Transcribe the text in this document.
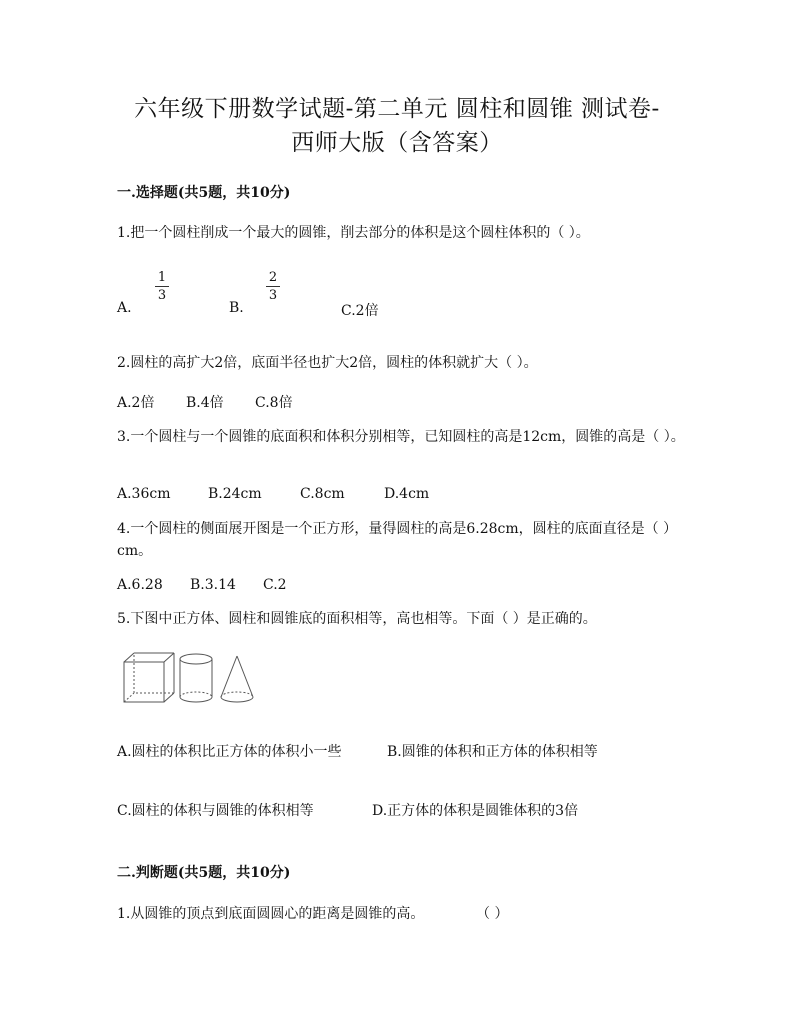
六年级下册数学试题-第二单元 圆柱和圆锥 测试卷-
西师大版（含答案）
一.选择题(共5题，共10分)
1.把一个圆柱削成一个最大的圆锥，削去部分的体积是这个圆柱体积的（ ）。
A.
1
3
B.
2
3
C.2倍
2.圆柱的高扩大2倍，底面半径也扩大2倍，圆柱的体积就扩大（ ）。
A.2倍 B.4倍 C.8倍
3.一个圆柱与一个圆锥的底面积和体积分别相等，已知圆柱的高是12cm，圆锥的高是（ ）。
A.36cm	B.24cm	C.8cm	D.4cm
4.一个圆柱的侧面展开图是一个正方形，量得圆柱的高是6.28cm，圆柱的底面直径是（ ）cm。
A.6.28 B.3.14 C.2
5.下图中正方体、圆柱和圆锥底的面积相等，高也相等。下面（ ）是正确的。
A.圆柱的体积比正方体的体积小一些	B.圆锥的体积和正方体的体积相等
C.圆柱的体积与圆锥的体积相等	D.正方体的体积是圆锥体积的3倍
二.判断题(共5题，共10分)
1.从圆锥的顶点到底面圆圆心的距离是圆锥的高。	（ ）
